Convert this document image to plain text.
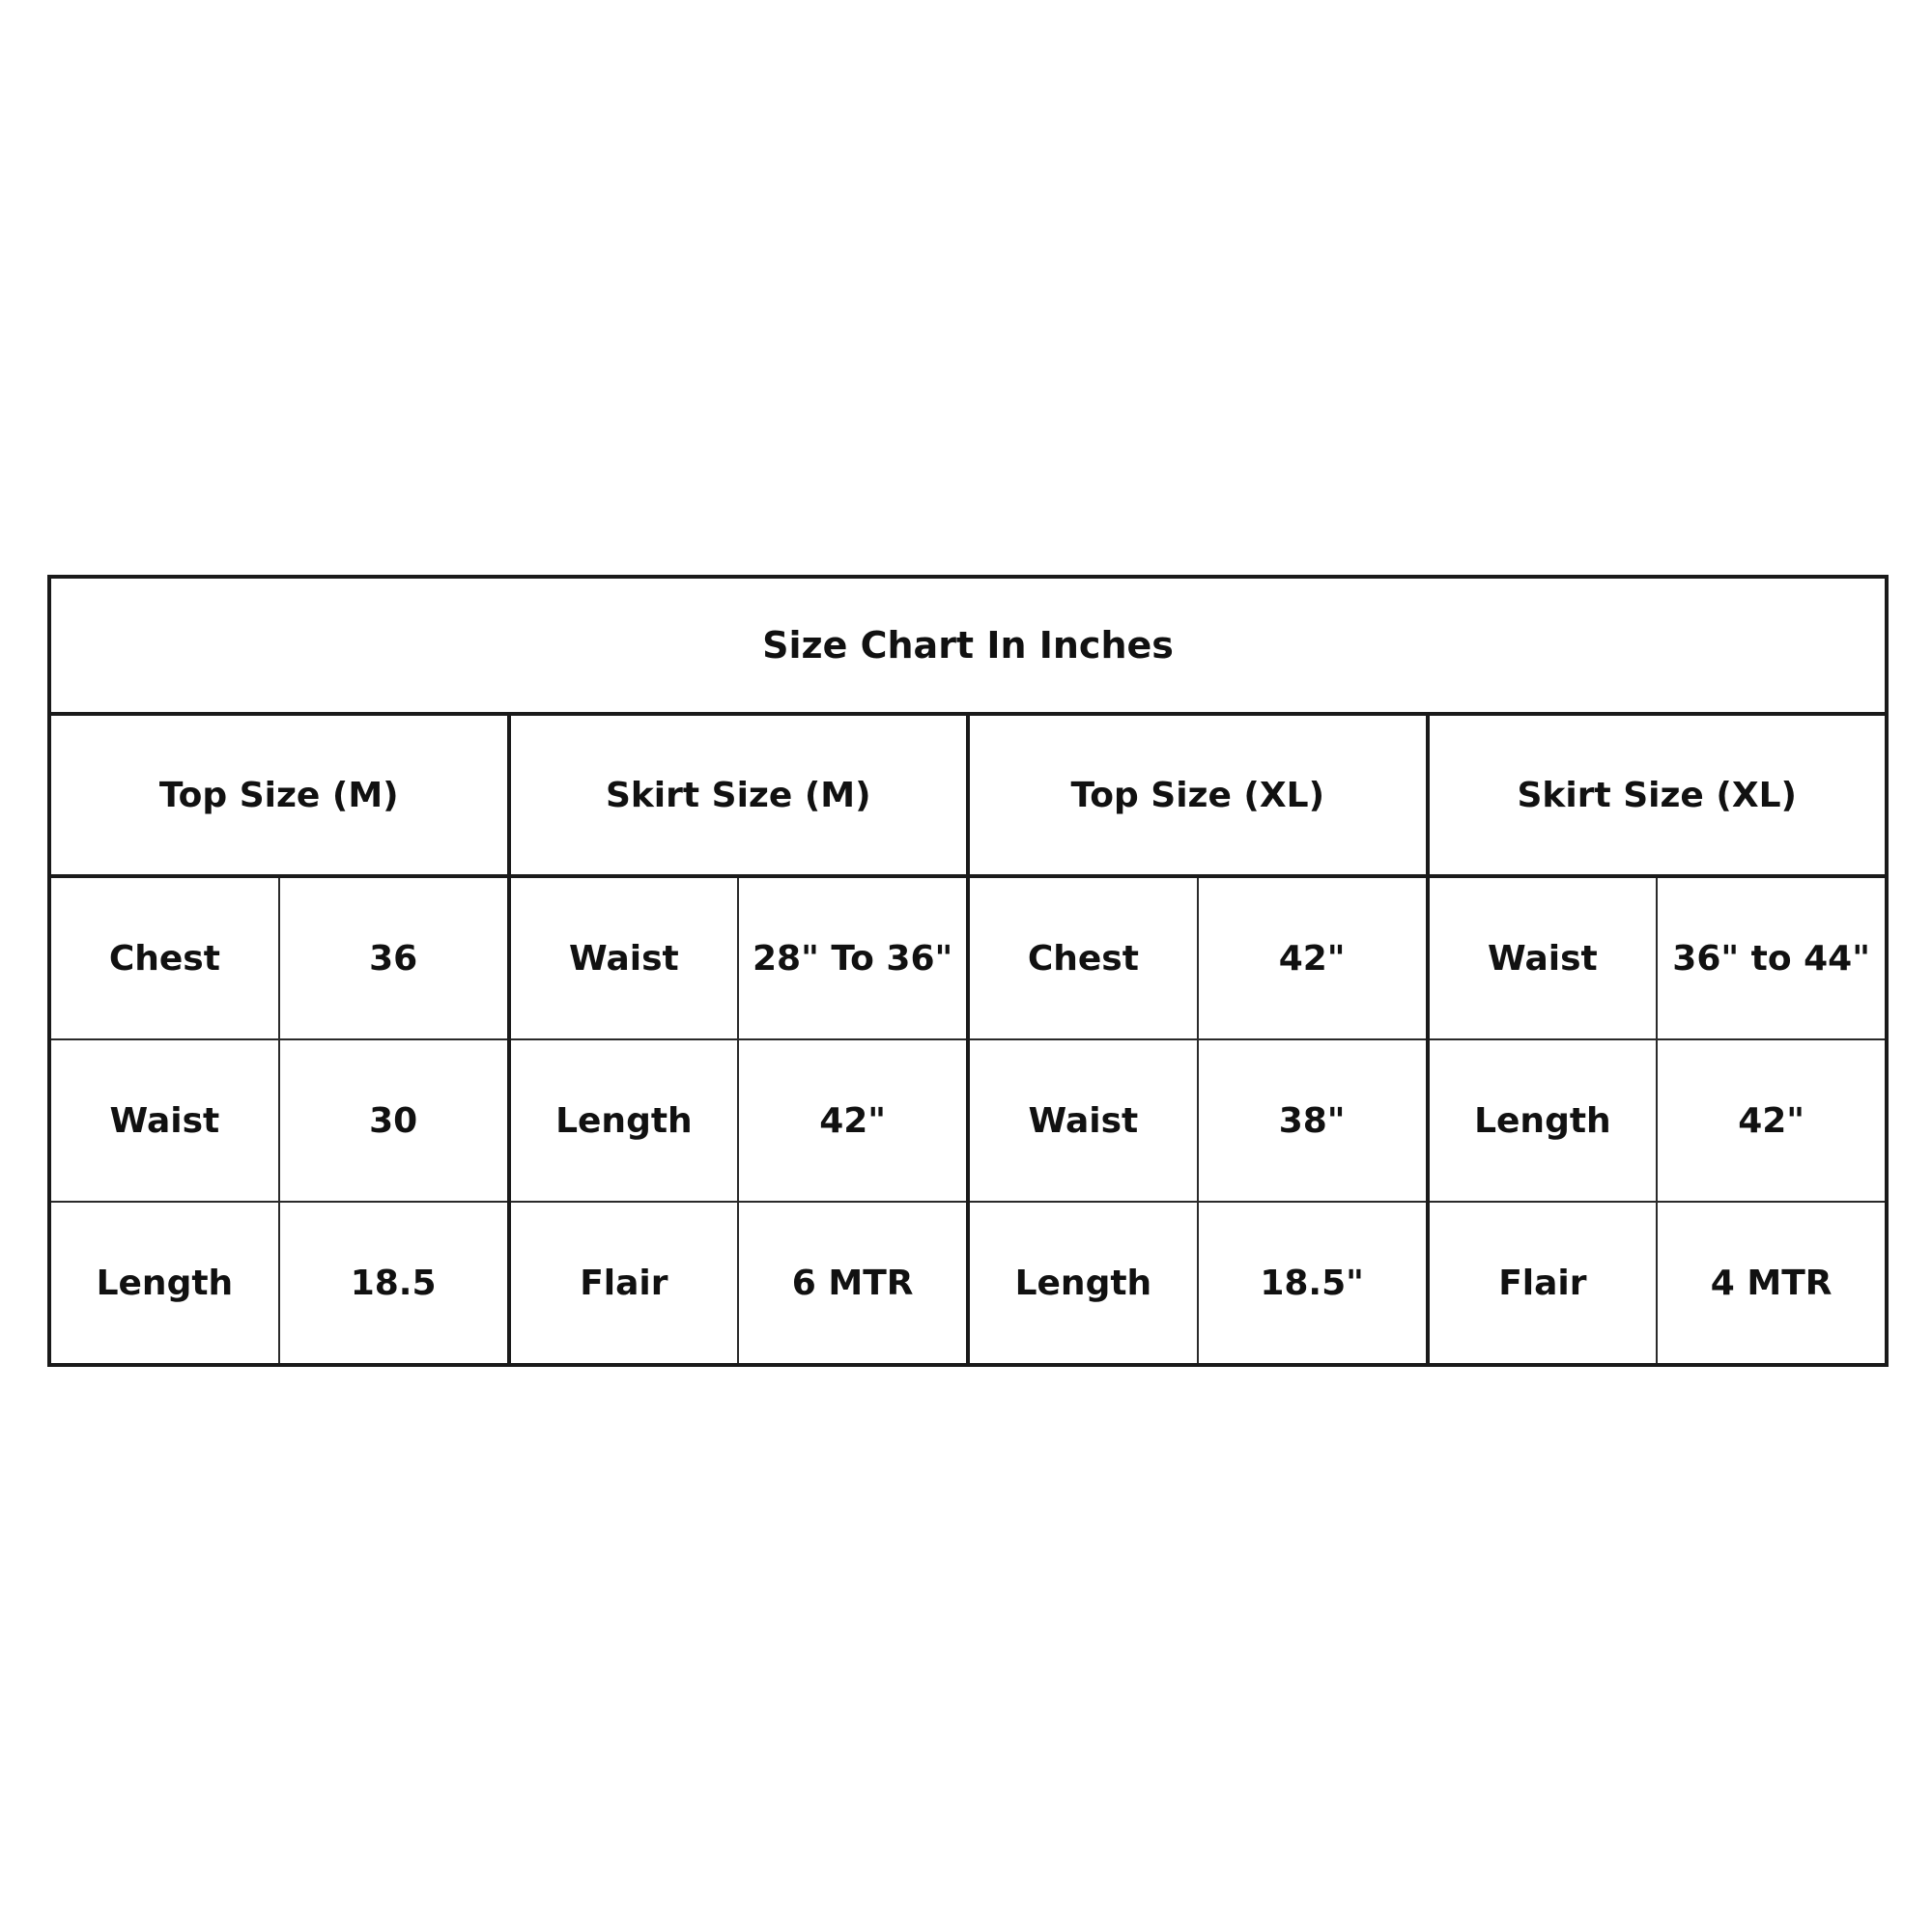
Size Chart In Inches							
Top Size (M)		Skirt Size (M)		Top Size (XL)		Skirt Size (XL)	
Chest	36	Waist	28" To 36"	Chest	42"	Waist	36" to 44"
Waist	30	Length	42"	Waist	38"	Length	42"
Length	18.5	Flair	6 MTR	Length	18.5"	Flair	4 MTR
